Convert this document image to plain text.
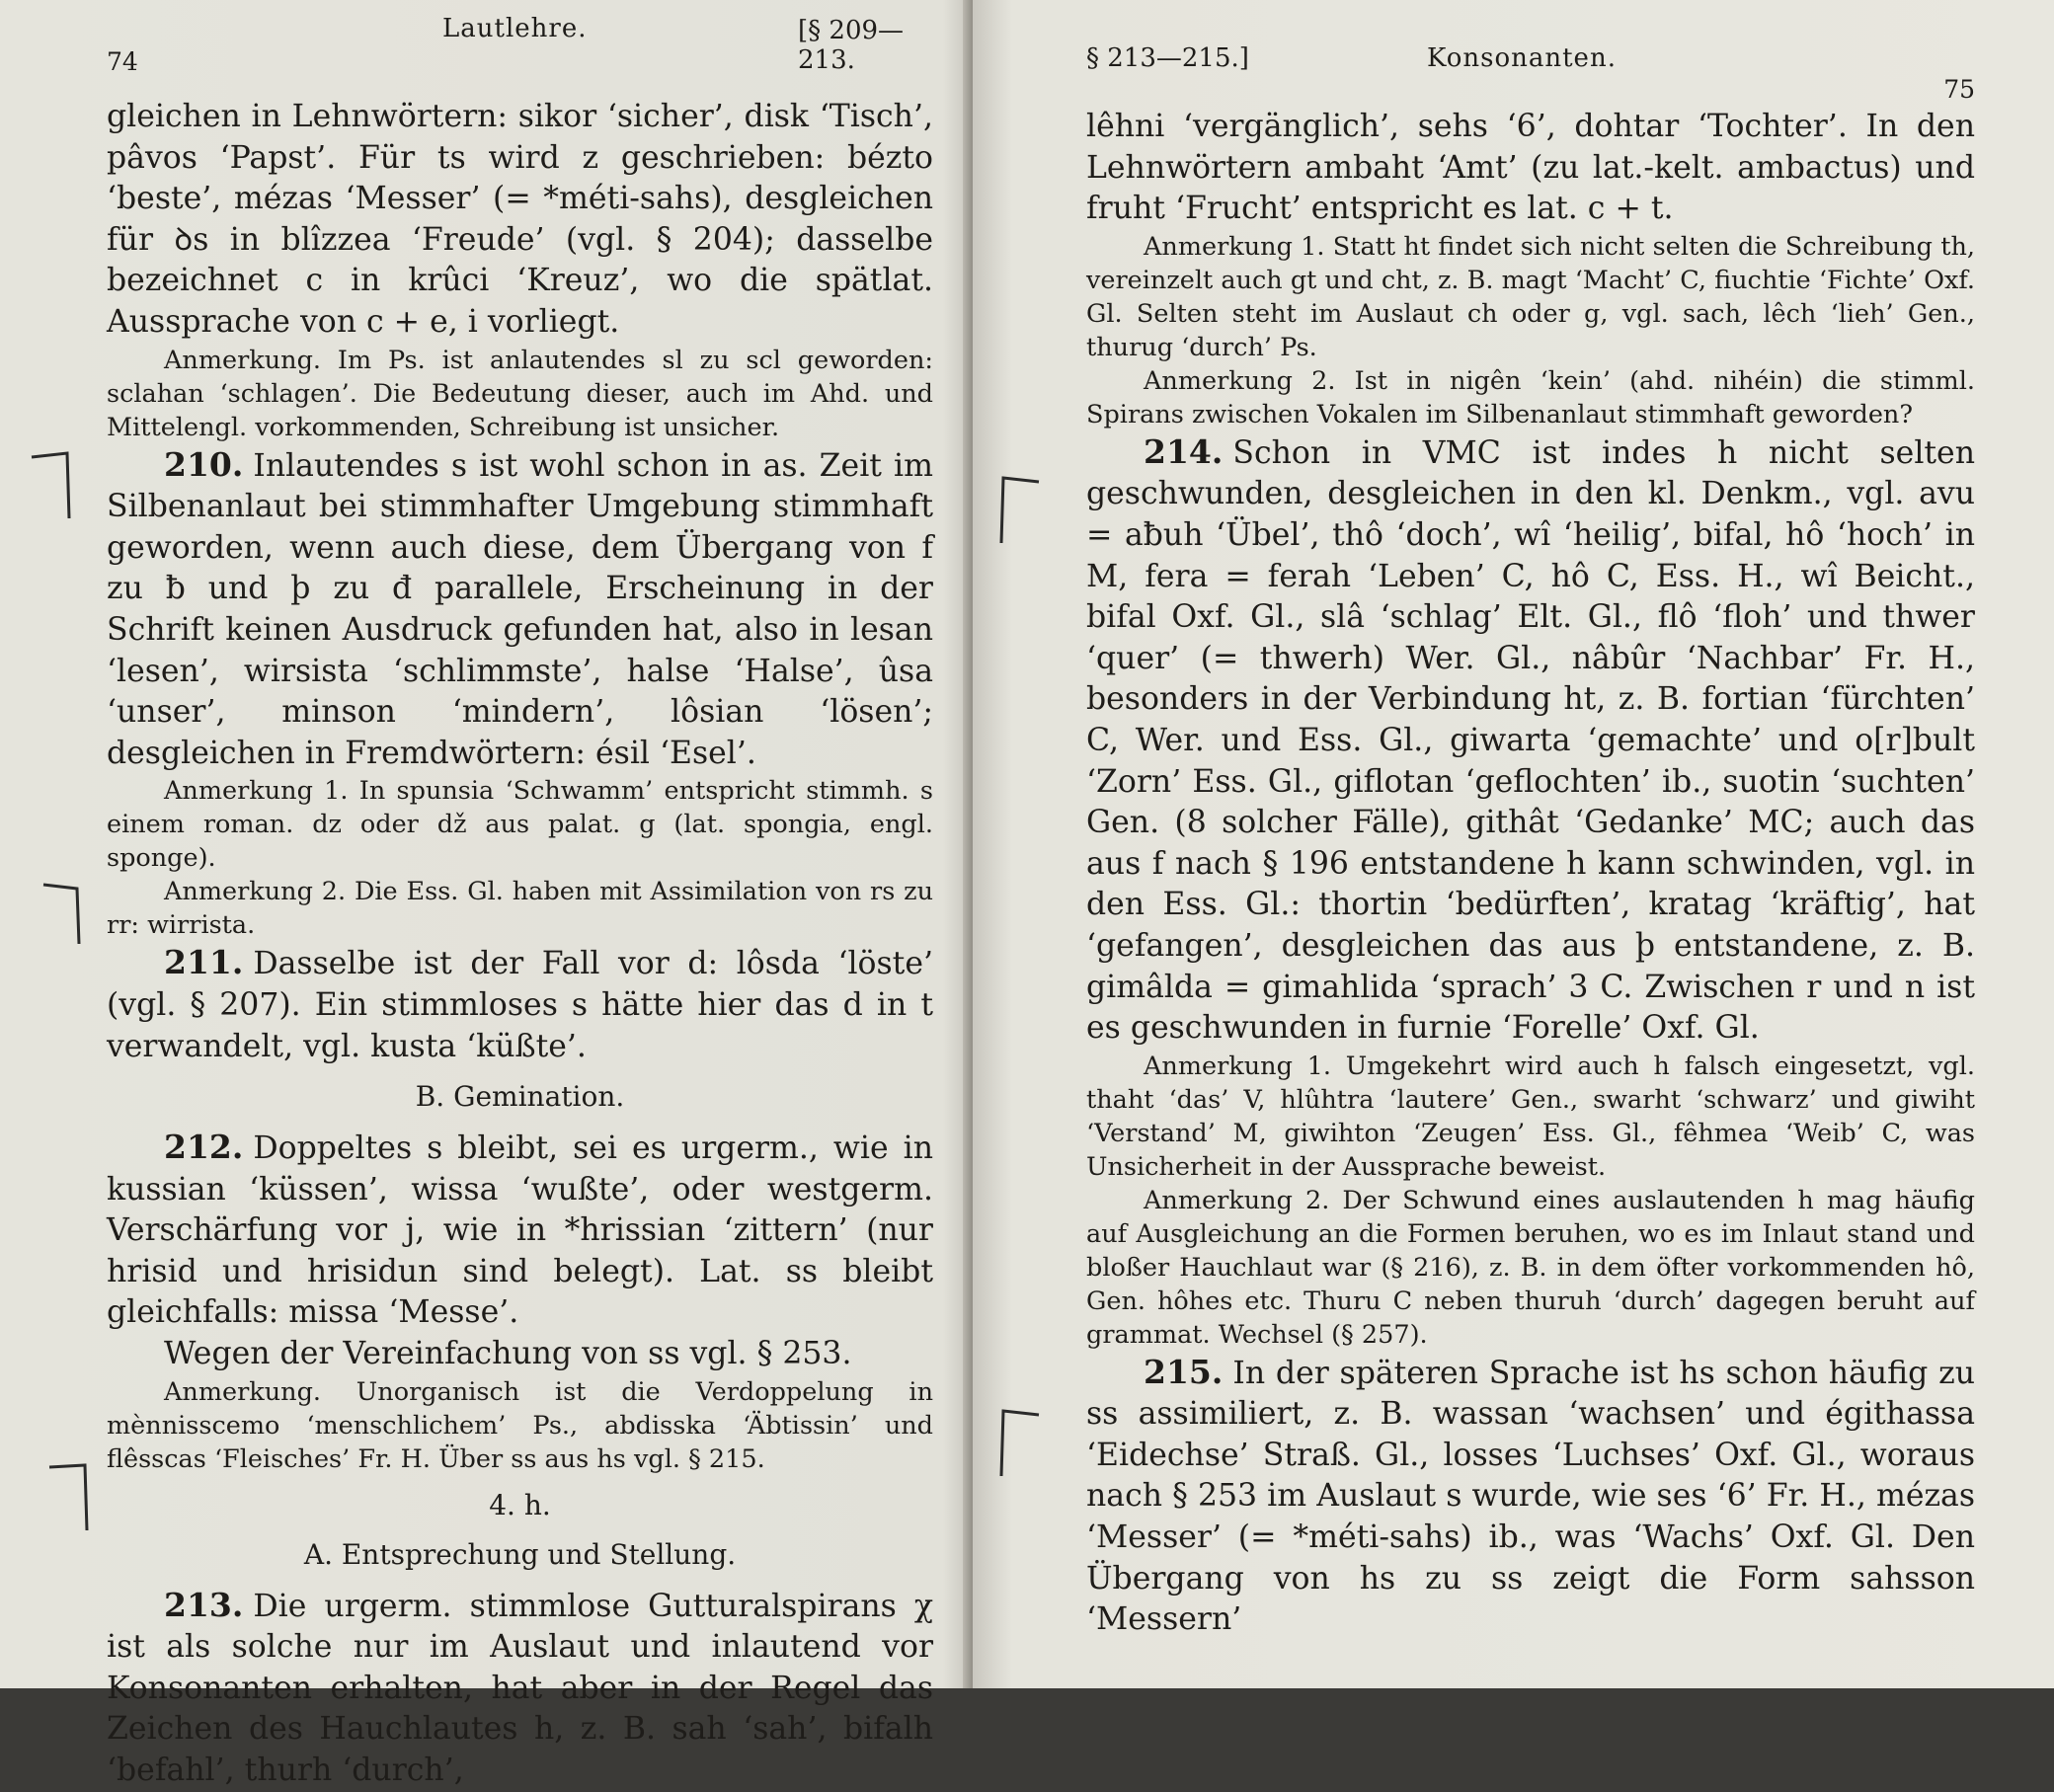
74
Lautlehre.	[§ 209—213.

gleichen in Lehnwörtern: sikor ‘sicher’, disk ‘Tisch’, pâvos ‘Papst’. Für ts wird z geschrieben: bézto ‘beste’, mézas ‘Messer’ (= *méti-sahs), desgleichen für ꝺs in blîzzea ‘Freude’ (vgl. § 204); dasselbe bezeichnet c in krûci ‘Kreuz’, wo die spätlat. Aussprache von c + e, i vorliegt.

Anmerkung. Im Ps. ist anlautendes sl zu scl geworden: sclahan ‘schlagen’. Die Bedeutung dieser, auch im Ahd. und Mittelengl. vorkommenden, Schreibung ist unsicher.

210. Inlautendes s ist wohl schon in as. Zeit im Silbenanlaut bei stimmhafter Umgebung stimmhaft geworden, wenn auch diese, dem Übergang von f zu ƀ und þ zu đ parallele, Erscheinung in der Schrift keinen Ausdruck gefunden hat, also in lesan ‘lesen’, wirsista ‘schlimmste’, halse ‘Halse’, ûsa ‘unser’, minson ‘mindern’, lôsian ‘lösen’; desgleichen in Fremdwörtern: ésil ‘Esel’.

Anmerkung 1. In spunsia ‘Schwamm’ entspricht stimmh. s einem roman. dz oder dž aus palat. g (lat. spongia, engl. sponge).

Anmerkung 2. Die Ess. Gl. haben mit Assimilation von rs zu rr: wirrista.

211. Dasselbe ist der Fall vor d: lôsda ‘löste’ (vgl. § 207). Ein stimmloses s hätte hier das d in t verwandelt, vgl. kusta ‘küßte’.

B. Gemination.

212. Doppeltes s bleibt, sei es urgerm., wie in kussian ‘küssen’, wissa ‘wußte’, oder westgerm. Verschärfung vor j, wie in *hrissian ‘zittern’ (nur hrisid und hrisidun sind belegt). Lat. ss bleibt gleichfalls: missa ‘Messe’.

Wegen der Vereinfachung von ss vgl. § 253.

Anmerkung. Unorganisch ist die Verdoppelung in mènnisscemo ‘menschlichem’ Ps., abdisska ‘Äbtissin’ und flêsscas ‘Fleisches’ Fr. H. Über ss aus hs vgl. § 215.

4. h.
A. Entsprechung und Stellung.

213. Die urgerm. stimmlose Gutturalspirans χ ist als solche nur im Auslaut und inlautend vor Konsonanten erhalten, hat aber in der Regel das Zeichen des Hauchlautes h, z. B. sah ‘sah’, bifalh ‘befahl’, thurh ‘durch’,

§ 213—215.]	Konsonanten.
75

lêhni ‘vergänglich’, sehs ‘6’, dohtar ‘Tochter’. In den Lehnwörtern ambaht ‘Amt’ (zu lat.-kelt. ambactus) und fruht ‘Frucht’ entspricht es lat. c + t.

Anmerkung 1. Statt ht findet sich nicht selten die Schreibung th, vereinzelt auch gt und cht, z. B. magt ‘Macht’ C, fiuchtie ‘Fichte’ Oxf. Gl. Selten steht im Auslaut ch oder g, vgl. sach, lêch ‘lieh’ Gen., thurug ‘durch’ Ps.

Anmerkung 2. Ist in nigên ‘kein’ (ahd. nihéin) die stimml. Spirans zwischen Vokalen im Silbenanlaut stimmhaft geworden?

214. Schon in VMC ist indes h nicht selten geschwunden, desgleichen in den kl. Denkm., vgl. avu = aƀuh ‘Übel’, thô ‘doch’, wî ‘heilig’, bifal, hô ‘hoch’ in M, fera = ferah ‘Leben’ C, hô C, Ess. H., wî Beicht., bifal Oxf. Gl., slâ ‘schlag’ Elt. Gl., flô ‘floh’ und thwer ‘quer’ (= thwerh) Wer. Gl., nâbûr ‘Nachbar’ Fr. H., besonders in der Verbindung ht, z. B. fortian ‘fürchten’ C, Wer. und Ess. Gl., giwarta ‘gemachte’ und o[r]bult ‘Zorn’ Ess. Gl., giflotan ‘geflochten’ ib., suotin ‘suchten’ Gen. (8 solcher Fälle), githât ‘Gedanke’ MC; auch das aus f nach § 196 entstandene h kann schwinden, vgl. in den Ess. Gl.: thortin ‘bedürften’, kratag ‘kräftig’, hat ‘gefangen’, desgleichen das aus þ entstandene, z. B. gimâlda = gimahlida ‘sprach’ 3 C. Zwischen r und n ist es geschwunden in furnie ‘Forelle’ Oxf. Gl.

Anmerkung 1. Umgekehrt wird auch h falsch eingesetzt, vgl. thaht ‘das’ V, hlûhtra ‘lautere’ Gen., swarht ‘schwarz’ und giwiht ‘Verstand’ M, giwihton ‘Zeugen’ Ess. Gl., fêhmea ‘Weib’ C, was Unsicherheit in der Aussprache beweist.

Anmerkung 2. Der Schwund eines auslautenden h mag häufig auf Ausgleichung an die Formen beruhen, wo es im Inlaut stand und bloßer Hauchlaut war (§ 216), z. B. in dem öfter vorkommenden hô, Gen. hôhes etc. Thuru C neben thuruh ‘durch’ dagegen beruht auf grammat. Wechsel (§ 257).

215. In der späteren Sprache ist hs schon häufig zu ss assimiliert, z. B. wassan ‘wachsen’ und égithassa ‘Eidechse’ Straß. Gl., losses ‘Luchses’ Oxf. Gl., woraus nach § 253 im Auslaut s wurde, wie ses ‘6’ Fr. H., mézas ‘Messer’ (= *méti-sahs) ib., was ‘Wachs’ Oxf. Gl. Den Übergang von hs zu ss zeigt die Form sahsson ‘Messern’
